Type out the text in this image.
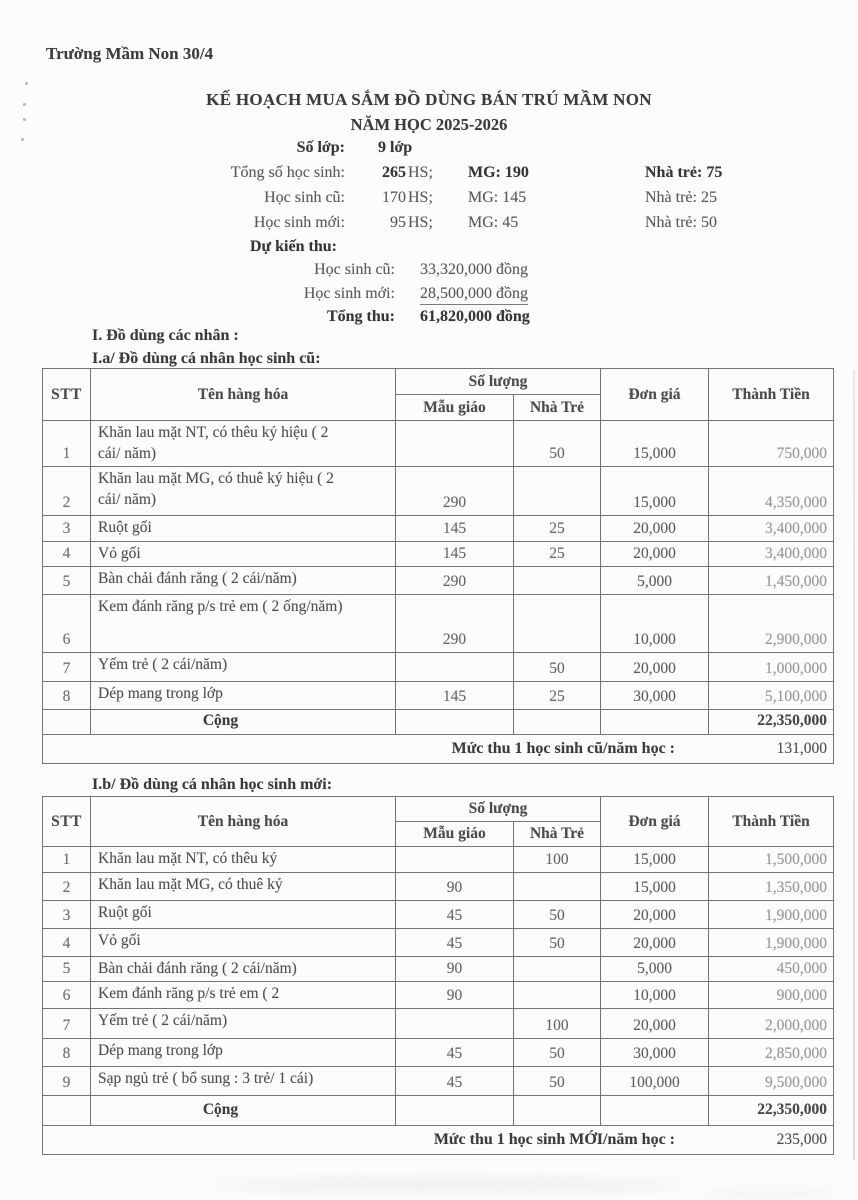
Trường Mầm Non 30/4
KẾ HOẠCH MUA SẮM ĐỒ DÙNG BÁN TRÚ MẦM NON
NĂM HỌC 2025-2026
Số lớp: 9 lớp
Tổng số học sinh: 265 HS; MG: 190	Nhà trẻ: 75
Học sinh cũ: 170 HS; MG: 145	Nhà trẻ: 25
Học sinh mới:	95 HS; MG: 45	Nhà trẻ: 50
Dự kiến thu:
Học sinh cũ: 33,320,000 đồng
Học sinh mới: 28,500,000 đồng
Tổng thu: 61,820,000 đồng
I. Đồ dùng các nhân :
I.a/ Đồ dùng cá nhân học sinh cũ:
STT	Tên hàng hóa	Số lượng		Đơn giá	Thành Tiền
		Mẫu giáo	Nhà Trẻ		
1	Khăn lau mặt NT, có thêu ký hiệu ( 2 cái/ năm)		50	15,000	750,000
2	Khăn lau mặt MG, có thuê ký hiệu ( 2 cái/ năm)	290		15,000	4,350,000
3	Ruột gối	145	25	20,000	3,400,000
4	Vỏ gối	145	25	20,000	3,400,000
5	Bàn chải đánh răng ( 2 cái/năm)	290		5,000	1,450,000
6	Kem đánh răng p/s trẻ em ( 2 ống/năm)	290		10,000	2,900,000
7	Yếm trẻ ( 2 cái/năm)		50	20,000	1,000,000
8	Dép mang trong lớp	145	25	30,000	5,100,000
	Cộng				22,350,000

Mức thu 1 học sinh cũ/năm học : 131,000					
I.b/ Đồ dùng cá nhân học sinh mới:
STT	Tên hàng hóa	Số lượng		Đơn giá	Thành Tiền
		Mẫu giáo	Nhà Trẻ		
1	Khăn lau mặt NT, có thêu ký		100	15,000	1,500,000
2	Khăn lau mặt MG, có thuê ký	90		15,000	1,350,000
3	Ruột gối	45	50	20,000	1,900,000
4	Vỏ gối	45	50	20,000	1,900,000
5	Bàn chải đánh răng ( 2 cái/năm)	90		5,000	450,000
6	Kem đánh răng p/s trẻ em ( 2	90		10,000	900,000
7	Yếm trẻ ( 2 cái/năm)		100	20,000	2,000,000
8	Dép mang trong lớp	45	50	30,000	2,850,000
9	Sạp ngủ trẻ ( bổ sung : 3 trẻ/ 1 cái)	45	50	100,000	9,500,000
	Cộng				22,350,000

Mức thu 1 học sinh MỚI/năm học : 235,000					
